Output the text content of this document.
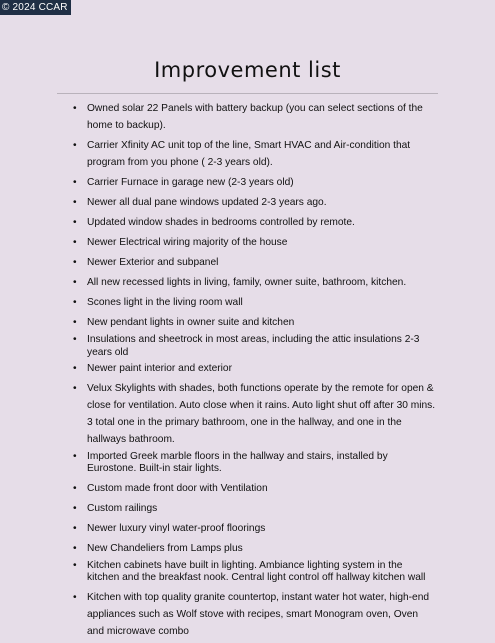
© 2024 CCAR
Improvement list
• Owned solar 22 Panels with battery backup (you can select sections of the home to backup).
• Carrier Xfinity AC unit top of the line, Smart HVAC and Air-condition that program from you phone ( 2-3 years old).
• Carrier Furnace in garage new (2-3 years old)
• Newer all dual pane windows updated 2-3 years ago.
• Updated window shades in bedrooms controlled by remote.
• Newer Electrical wiring majority of the house
• Newer Exterior and subpanel
• All new recessed lights in living, family, owner suite, bathroom, kitchen.
• Scones light in the living room wall
• New pendant lights in owner suite and kitchen
• Insulations and sheetrock in most areas, including the attic insulations 2-3 years old
• Newer paint interior and exterior
• Velux Skylights with shades, both functions operate by the remote for open & close for ventilation. Auto close when it rains. Auto light shut off after 30 mins. 3 total one in the primary bathroom, one in the hallway, and one in the hallways bathroom.
• Imported Greek marble floors in the hallway and stairs, installed by Eurostone. Built-in stair lights.
• Custom made front door with Ventilation
• Custom railings
• Newer luxury vinyl water-proof floorings
• New Chandeliers from Lamps plus
• Kitchen cabinets have built in lighting. Ambiance lighting system in the kitchen and the breakfast nook. Central light control off hallway kitchen wall
• Kitchen with top quality granite countertop, instant water hot water, high-end appliances such as Wolf stove with recipes, smart Monogram oven, Oven and microwave combo
